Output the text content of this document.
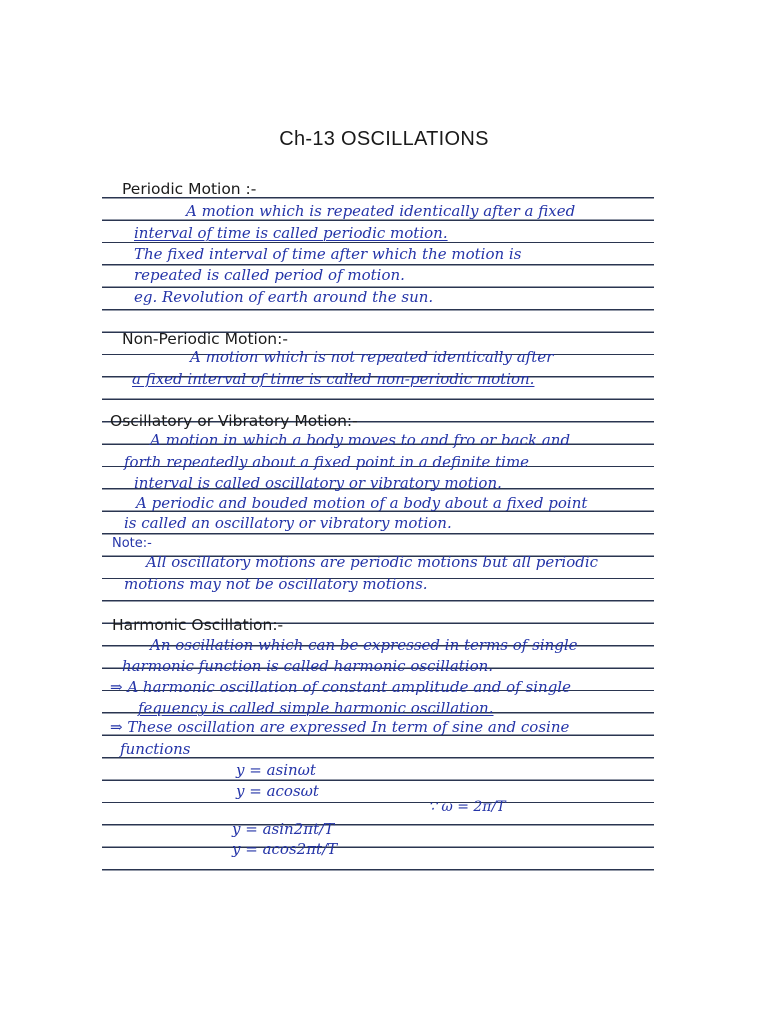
Ch-13 OSCILLATIONS
Periodic Motion :-
A motion which is repeated identically after a fixed
interval of time is called periodic motion.
The fixed interval of time after which the motion is
repeated is called period of motion.
eg. Revolution of earth around the sun.
Non-Periodic Motion:-
A motion which is not repeated identically after
a fixed interval of time is called non-periodic motion.
Oscillatory or Vibratory Motion:-
A motion in which a body moves to and fro or back and
forth repeatedly about a fixed point in a definite time
interval is called oscillatory or vibratory motion.
A periodic and bouded motion of a body about a fixed point
is called an oscillatory or vibratory motion.
Note:-
All oscillatory motions are periodic motions but all periodic
motions may not be oscillatory motions.
Harmonic Oscillation:-
An oscillation which can be expressed in terms of single
harmonic function is called harmonic oscillation.
⇒ A harmonic oscillation of constant amplitude and of single
fequency is called simple harmonic oscillation.
⇒ These oscillation are expressed In term of sine and cosine
functions
y = asinωt
y = acosωt
∵ ω = 2π/T
y = asin2πt/T
y = acos2πt/T
